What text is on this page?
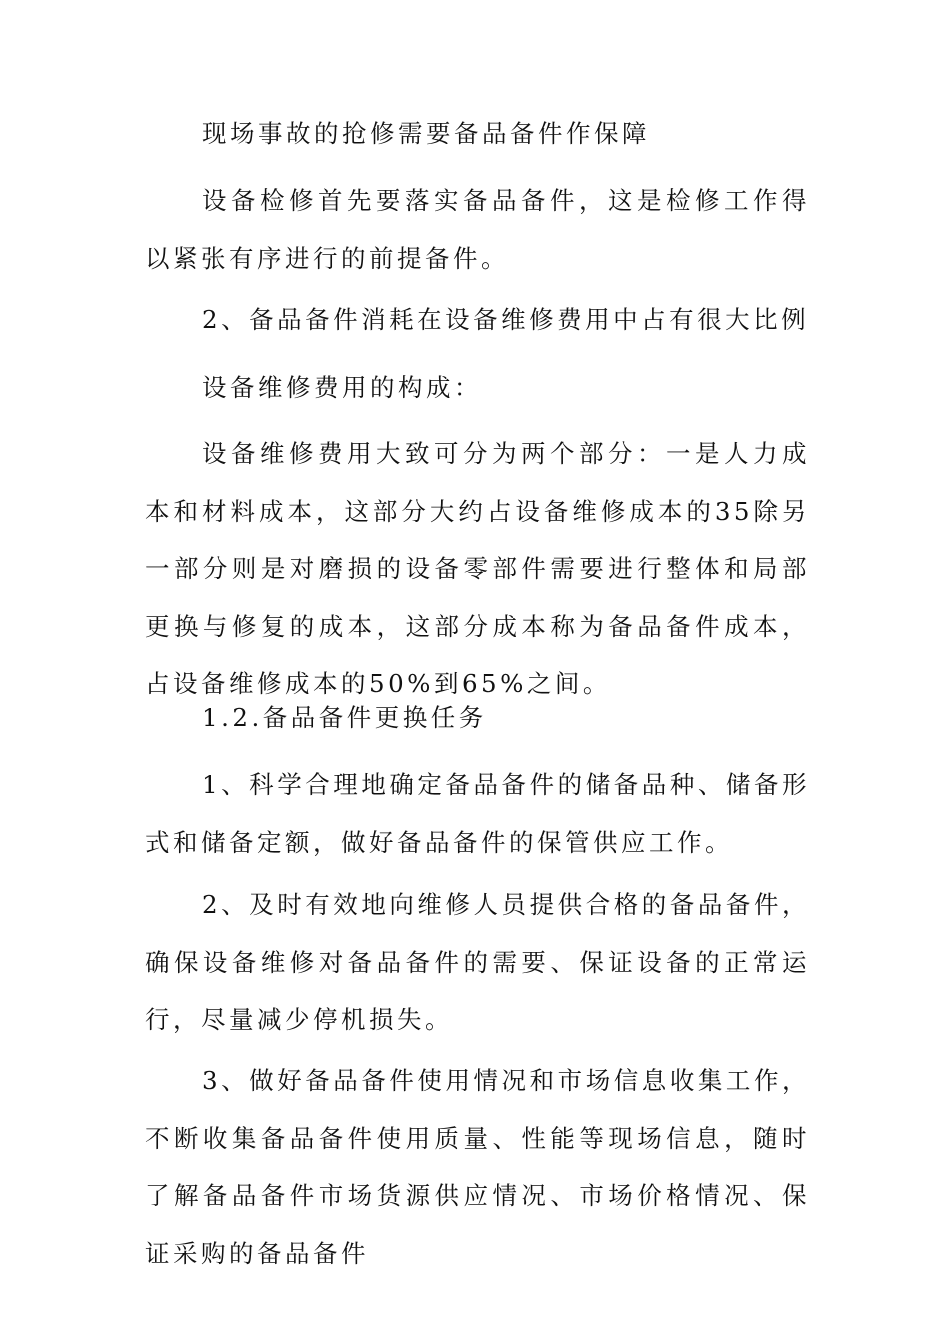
现场事故的抢修需要备品备件作保障

设备检修首先要落实备品备件，这是检修工作得以紧张有序进行的前提备件。

2、备品备件消耗在设备维修费用中占有很大比例

设备维修费用的构成：

设备维修费用大致可分为两个部分：一是人力成本和材料成本，这部分大约占设备维修成本的35除另一部分则是对磨损的设备零部件需要进行整体和局部更换与修复的成本，这部分成本称为备品备件成本，占设备维修成本的50%到65%之间。

1.2.备品备件更换任务

1、科学合理地确定备品备件的储备品种、储备形式和储备定额，做好备品备件的保管供应工作。

2、及时有效地向维修人员提供合格的备品备件，确保设备维修对备品备件的需要、保证设备的正常运行，尽量减少停机损失。

3、做好备品备件使用情况和市场信息收集工作，不断收集备品备件使用质量、性能等现场信息，随时了解备品备件市场货源供应情况、市场价格情况、保证采购的备品备件
